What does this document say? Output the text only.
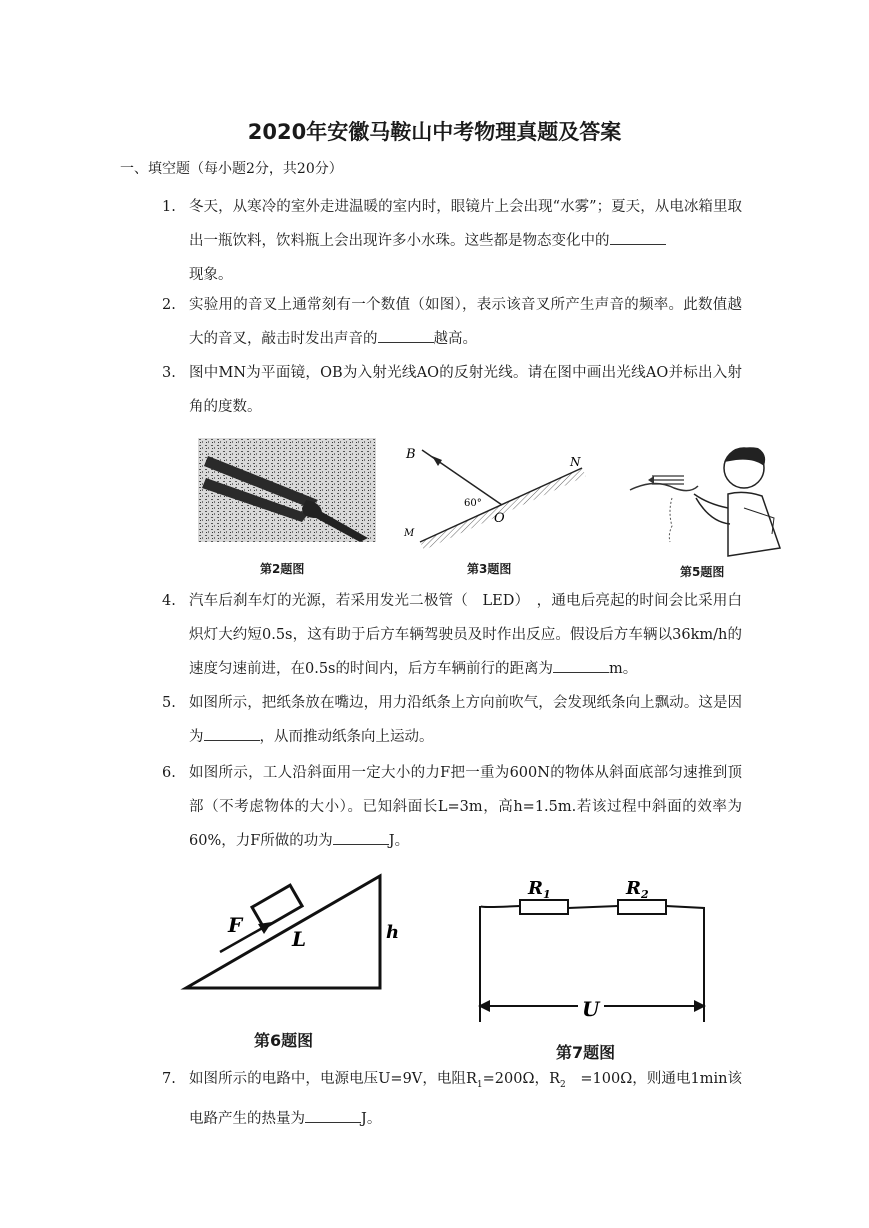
2020年安徽马鞍山中考物理真题及答案
一、填空题（每小题2分，共20分）
1. 冬天，从寒冷的室外走进温暖的室内时，眼镜片上会出现“水雾”；夏天，从电冰箱里取出一瓶饮料，饮料瓶上会出现许多小水珠。这些都是物态变化中的
现象。
2. 实验用的音叉上通常刻有一个数值（如图），表示该音叉所产生声音的频率。此数值越大的音叉，敲击时发出声音的	越高。
3. 图中MN为平面镜，OB为入射光线AO的反射光线。请在图中画出光线AO并标出入射角的度数。
第2题图
B	N
M
O
60°
第3题图	第5题图
4. 汽车后刹车灯的光源，若采用发光二极管（　LED）　，通电后亮起的时间会比采用白炽灯大约短0.5s，这有助于后方车辆驾驶员及时作出反应。假设后方车辆以36km/h的速度匀速前进，在0.5s的时间内，后方车辆前行的距离为	m。
5. 如图所示，把纸条放在嘴边，用力沿纸条上方向前吹气，会发现纸条向上飘动。这是因为	，从而推动纸条向上运动。
6. 如图所示，工人沿斜面用一定大小的力F把一重为600N的物体从斜面底部匀速推到顶部（不考虑物体的大小）。已知斜面长L=3m，高h=1.5m.若该过程中斜面的效率为60%，力F所做的功为	J。
F
L	h
第6题图
$R_1$	$R_2$
U
第7题图
7. 如图所示的电路中，电源电压U=9V，电阻$R_1=200\Omega$，$R_2$　=100Ω，则通电1min该电路产生的热量为	J。
